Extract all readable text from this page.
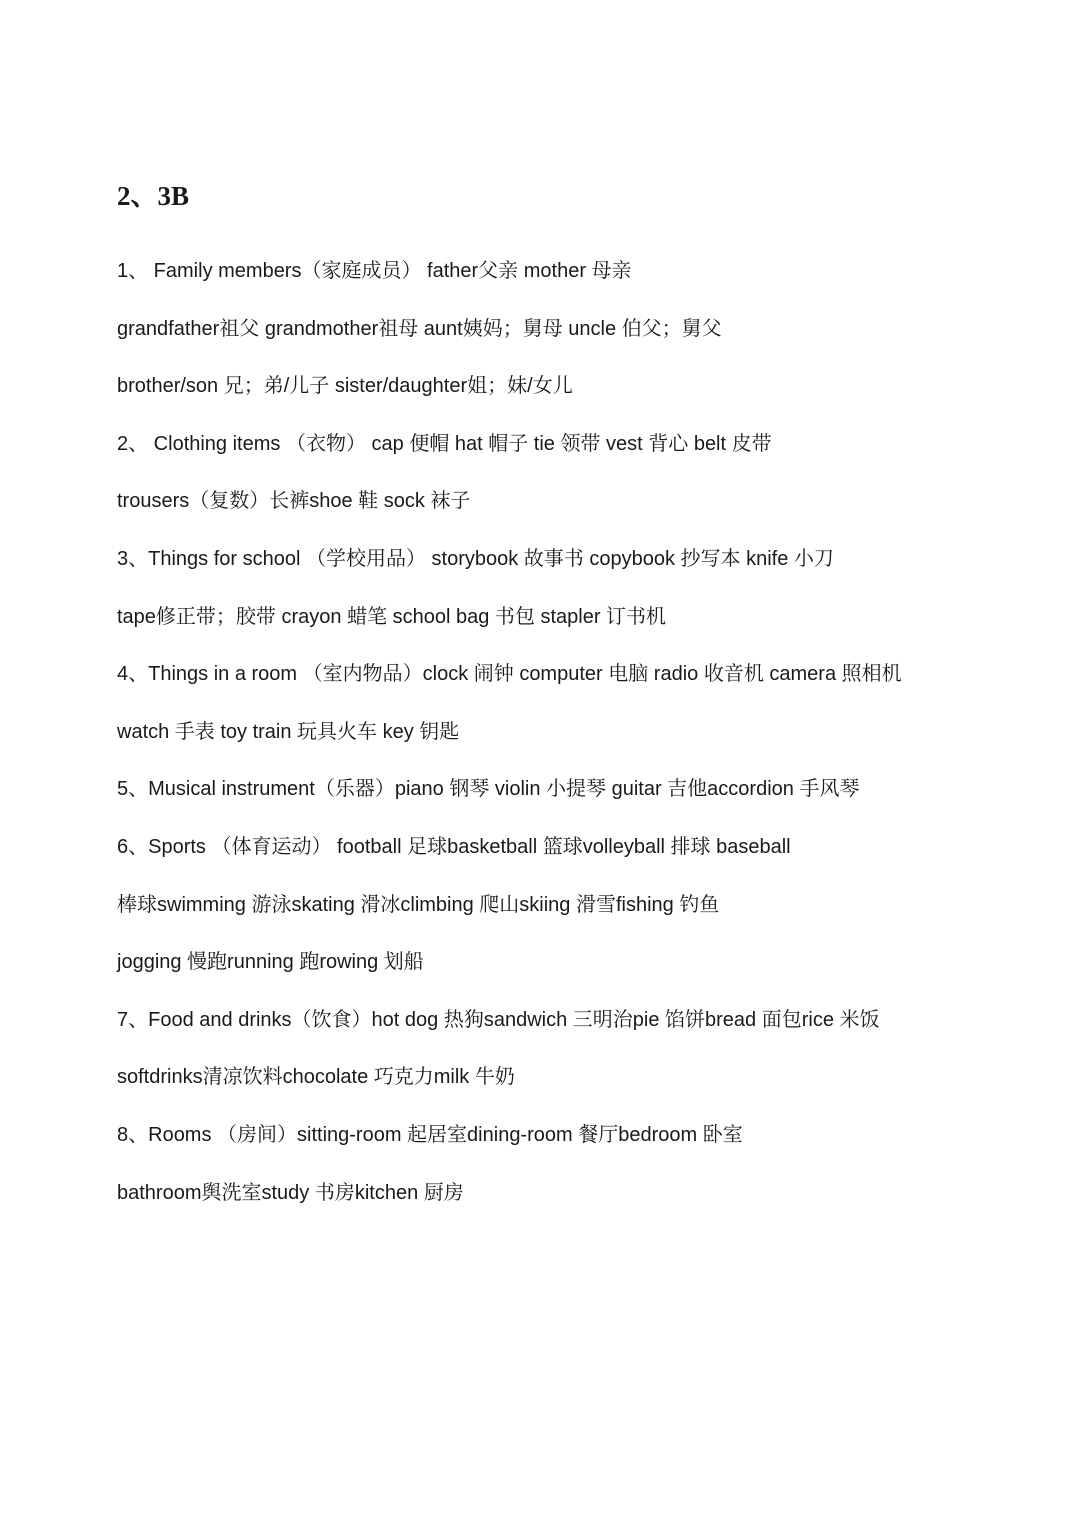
2、3B
1、 Family members（家庭成员） father父亲 mother 母亲
grandfather祖父 grandmother祖母 aunt姨妈；舅母 uncle 伯父；舅父
brother/son 兄；弟/儿子 sister/daughter姐；妹/女儿
2、 Clothing items （衣物） cap 便帽 hat 帽子 tie 领带 vest 背心 belt 皮带
trousers（复数）长裤shoe 鞋 sock 袜子
3、Things for school （学校用品） storybook 故事书 copybook 抄写本 knife 小刀
tape修正带；胶带 crayon 蜡笔 school bag 书包 stapler 订书机
4、Things in a room （室内物品）clock 闹钟 computer 电脑 radio 收音机 camera 照相机
watch 手表 toy train 玩具火车 key 钥匙
5、Musical instrument（乐器）piano 钢琴 violin 小提琴 guitar 吉他accordion 手风琴
6、Sports （体育运动） football 足球basketball 篮球volleyball 排球 baseball
棒球swimming 游泳skating 滑冰climbing 爬山skiing 滑雪fishing 钓鱼
jogging 慢跑running 跑rowing 划船
7、Food and drinks（饮食）hot dog 热狗sandwich 三明治pie 馅饼bread 面包rice 米饭
softdrinks清凉饮料chocolate 巧克力milk 牛奶
8、Rooms （房间）sitting-room 起居室dining-room 餐厅bedroom 卧室
bathroom舆洗室study 书房kitchen 厨房
